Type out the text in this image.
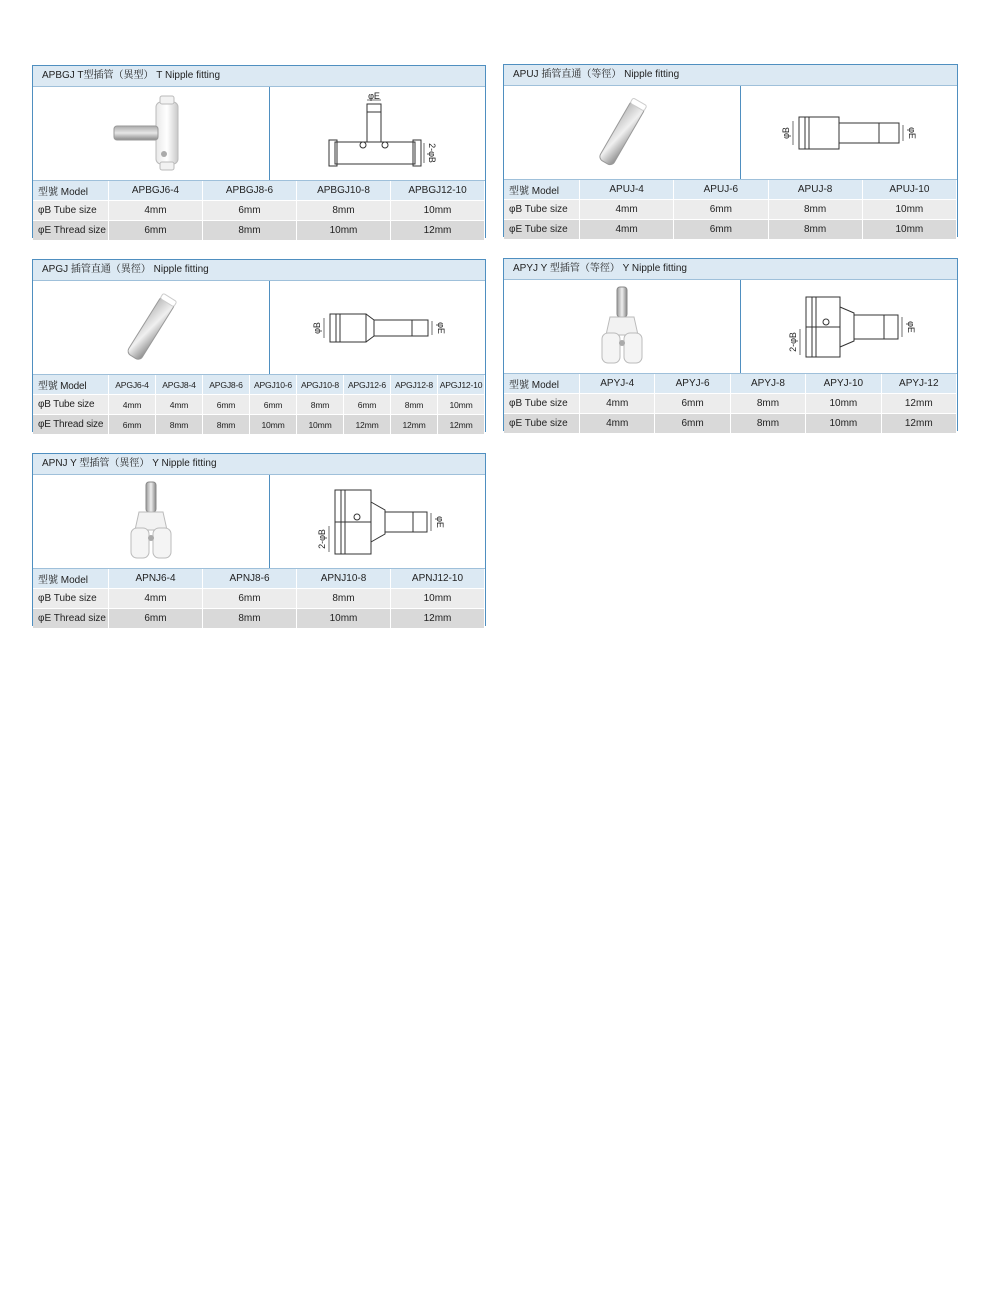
APBGJ T型插管（異型） T Nipple fitting
φE
2-φB
型號 Model	APBGJ6-4	APBGJ8-6	APBGJ10-8	APBGJ12-10
φB Tube size	4mm	6mm	8mm	10mm
φE Thread size	6mm	8mm	10mm	12mm
APUJ 插管直通（等徑） Nipple fitting
φB	φE
型號 Model	APUJ-4	APUJ-6	APUJ-8	APUJ-10
φB Tube size	4mm	6mm	8mm	10mm
φE Tube size	4mm	6mm	8mm	10mm
APGJ 插管直通（異徑） Nipple fitting
φB	φE
型號 Model	APGJ6-4	APGJ8-4	APGJ8-6	APGJ10-6	APGJ10-8	APGJ12-6	APGJ12-8	APGJ12-10
φB Tube size	4mm	4mm	6mm	6mm	8mm	6mm	8mm	10mm
φE Thread size	6mm	8mm	8mm	10mm	10mm	12mm	12mm	12mm
APYJ Y 型插管（等徑） Y Nipple fitting
2-φB
φE
型號 Model	APYJ-4	APYJ-6	APYJ-8	APYJ-10	APYJ-12
φB Tube size	4mm	6mm	8mm	10mm	12mm
φE Tube size	4mm	6mm	8mm	10mm	12mm
APNJ Y 型插管（異徑） Y Nipple fitting
2-φB
φE
型號 Model	APNJ6-4	APNJ8-6	APNJ10-8	APNJ12-10
φB Tube size	4mm	6mm	8mm	10mm
φE Thread size	6mm	8mm	10mm	12mm
